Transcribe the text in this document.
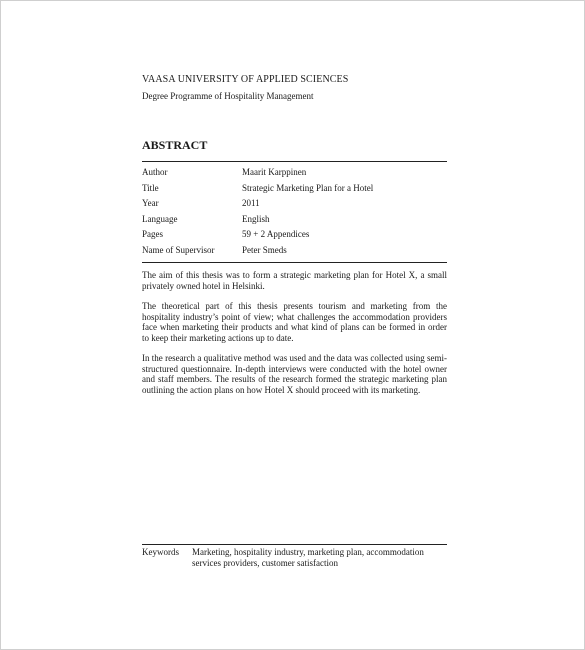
VAASA UNIVERSITY OF APPLIED SCIENCES
Degree Programme of Hospitality Management
ABSTRACT
Author	Maarit Karppinen
Title	Strategic Marketing Plan for a Hotel
Year	2011
Language	English
Pages	59 + 2 Appendices
Name of Supervisor	Peter Smeds

The aim of this thesis was to form a strategic marketing plan for Hotel X, a small privately owned hotel in Helsinki.

The theoretical part of this thesis presents tourism and marketing from the hospitality industry’s point of view; what challenges the accommodation providers face when marketing their products and what kind of plans can be formed in order to keep their marketing actions up to date.

In the research a qualitative method was used and the data was collected using semi-structured questionnaire. In-depth interviews were conducted with the hotel owner and staff members. The results of the research formed the strategic marketing plan outlining the action plans on how Hotel X should proceed with its marketing.

Keywords	Marketing, hospitality industry, marketing plan, accommodation services providers, customer satisfaction
